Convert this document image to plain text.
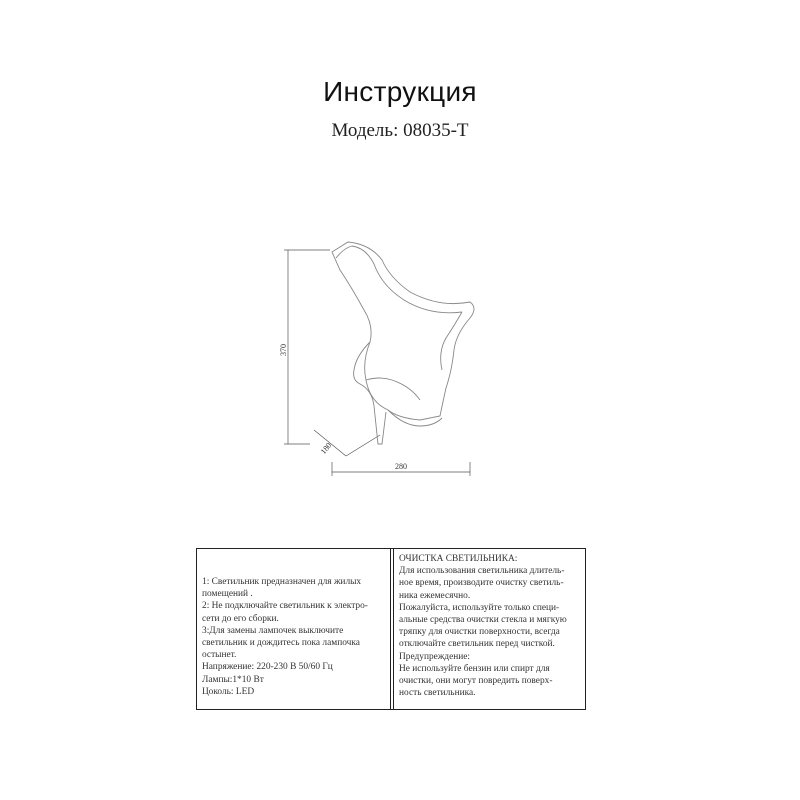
Инструкция
Модель: 08035-T
370
180
280
1: Светильник предназначен для жилых
помещений .
2: Не подключайте светильник к электро-
сети до его сборки.
3:Для замены лампочек выключите
светильник и дождитесь пока лампочка
остынет.
Напряжение: 220-230 В 50/60 Гц
Лампы:1*10 Вт
Цоколь: LED
ОЧИСТКА СВЕТИЛЬНИКА:
Для использования светильника длитель-
ное время, производите очистку светиль-
ника ежемесячно.
Пожалуйста, используйте только специ-
альные средства очистки стекла и мягкую
тряпку для очистки поверхности, всегда
отключайте светильник перед чисткой.
Предупреждение:
Не используйте бензин или спирт для
очистки, они могут повредить поверх-
ность светильника.
